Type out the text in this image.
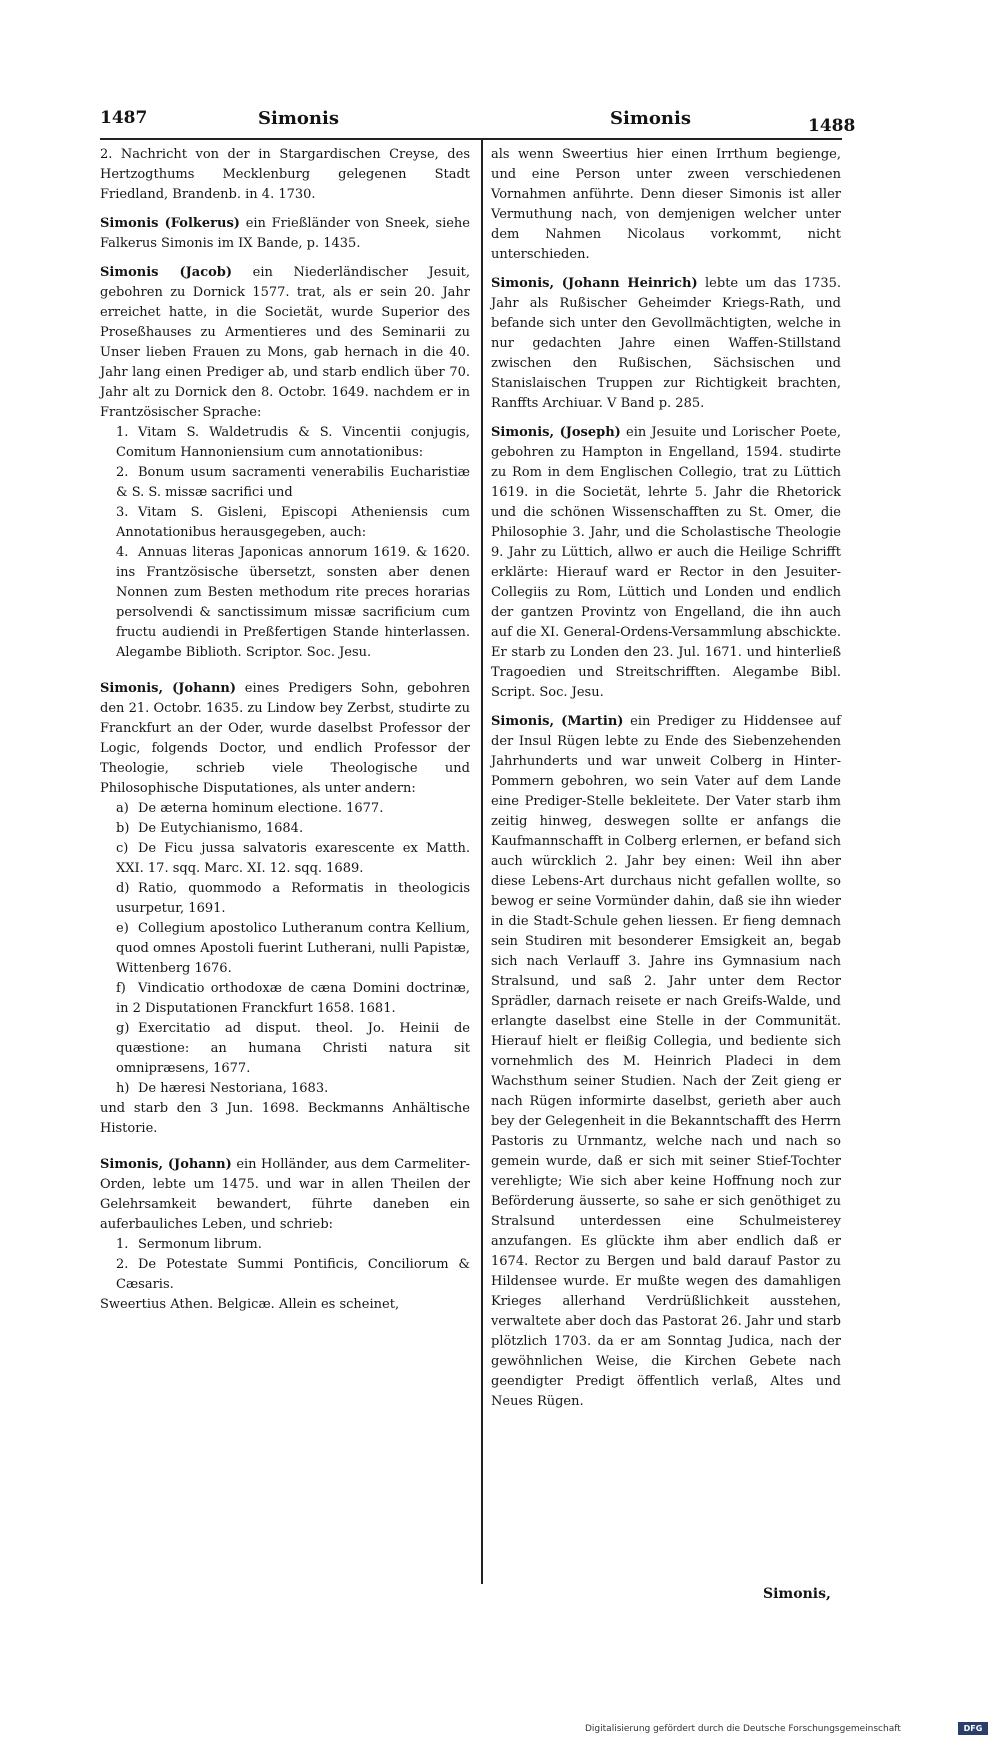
1487	Simonis	Simonis	1488

2. Nachricht von der in Stargardischen Creyse, des Hertzogthums Mecklenburg gelegenen Stadt Friedland, Brandenb. in 4. 1730.

Simonis (Folkerus) ein Frießländer von Sneek, siehe Falkerus Simonis im IX Bande, p. 1435.

Simonis (Jacob) ein Niederländischer Jesuit, gebohren zu Dornick 1577. trat, als er sein 20. Jahr erreichet hatte, in die Societät, wurde Superior des Proseßhauses zu Armentieres und des Seminarii zu Unser lieben Frauen zu Mons, gab hernach in die 40. Jahr lang einen Prediger ab, und starb endlich über 70. Jahr alt zu Dornick den 8. Octobr. 1649. nachdem er in Frantzösischer Sprache:
1. Vitam S. Waldetrudis & S. Vincentii conjugis, Comitum Hannoniensium cum annotationibus:
2. Bonum usum sacramenti venerabilis Eucharistiæ & S. S. missæ sacrifici und
3. Vitam S. Gisleni, Episcopi Atheniensis cum Annotationibus herausgegeben, auch:
4. Annuas literas Japonicas annorum 1619. & 1620. ins Frantzösische übersetzt, sonsten aber denen Nonnen zum Besten methodum rite preces horarias persolvendi & sanctissimum missæ sacrificium cum fructu audiendi in Preßfertigen Stande hinterlassen. Alegambe Biblioth. Scriptor. Soc. Jesu.
Simonis, (Johann) eines Predigers Sohn, gebohren den 21. Octobr. 1635. zu Lindow bey Zerbst, studirte zu Franckfurt an der Oder, wurde daselbst Professor der Logic, folgends Doctor, und endlich Professor der Theologie, schrieb viele Theologische und Philosophische Disputationes, als unter andern:
a) De æterna hominum electione. 1677.
b) De Eutychianismo, 1684.
c) De Ficu jussa salvatoris exarescente ex Matth. XXI. 17. sqq. Marc. XI. 12. sqq. 1689.
d) Ratio, quommodo a Reformatis in theologicis usurpetur, 1691.
e) Collegium apostolico Lutheranum contra Kellium, quod omnes Apostoli fuerint Lutherani, nulli Papistæ, Wittenberg 1676.
f) Vindicatio orthodoxæ de cæna Domini doctrinæ, in 2 Disputationen Franckfurt 1658. 1681.
g) Exercitatio ad disput. theol. Jo. Heinii de quæstione: an humana Christi natura sit omnipræsens, 1677.
h) De hæresi Nestoriana, 1683.
und starb den 3 Jun. 1698. Beckmanns Anhältische Historie.
Simonis, (Johann) ein Holländer, aus dem Carmeliter-Orden, lebte um 1475. und war in allen Theilen der Gelehrsamkeit bewandert, führte daneben ein auferbauliches Leben, und schrieb:
1. Sermonum librum.
2. De Potestate Summi Pontificis, Conciliorum & Cæsaris.
Sweertius Athen. Belgicæ. Allein es scheinet,

als wenn Sweertius hier einen Irrthum begienge, und eine Person unter zween verschiedenen Vornahmen anführte. Denn dieser Simonis ist aller Vermuthung nach, von demjenigen welcher unter dem Nahmen Nicolaus vorkommt, nicht unterschieden.

Simonis, (Johann Heinrich) lebte um das 1735. Jahr als Rußischer Geheimder Kriegs-Rath, und befande sich unter den Gevollmächtigten, welche in nur gedachten Jahre einen Waffen-Stillstand zwischen den Rußischen, Sächsischen und Stanislaischen Truppen zur Richtigkeit brachten, Ranffts Archiuar. V Band p. 285.

Simonis, (Joseph) ein Jesuite und Lorischer Poete, gebohren zu Hampton in Engelland, 1594. studirte zu Rom in dem Englischen Collegio, trat zu Lüttich 1619. in die Societät, lehrte 5. Jahr die Rhetorick und die schönen Wissenschafften zu St. Omer, die Philosophie 3. Jahr, und die Scholastische Theologie 9. Jahr zu Lüttich, allwo er auch die Heilige Schrifft erklärte: Hierauf ward er Rector in den Jesuiter-Collegiis zu Rom, Lüttich und Londen und endlich der gantzen Provintz von Engelland, die ihn auch auf die XI. General-Ordens-Versammlung abschickte. Er starb zu Londen den 23. Jul. 1671. und hinterließ Tragoedien und Streitschrifften. Alegambe Bibl. Script. Soc. Jesu.

Simonis, (Martin) ein Prediger zu Hiddensee auf der Insul Rügen lebte zu Ende des Siebenzehenden Jahrhunderts und war unweit Colberg in Hinter-Pommern gebohren, wo sein Vater auf dem Lande eine Prediger-Stelle bekleitete. Der Vater starb ihm zeitig hinweg, deswegen sollte er anfangs die Kaufmannschafft in Colberg erlernen, er befand sich auch würcklich 2. Jahr bey einen: Weil ihn aber diese Lebens-Art durchaus nicht gefallen wollte, so bewog er seine Vormünder dahin, daß sie ihn wieder in die Stadt-Schule gehen liessen. Er fieng demnach sein Studiren mit besonderer Emsigkeit an, begab sich nach Verlauff 3. Jahre ins Gymnasium nach Stralsund, und saß 2. Jahr unter dem Rector Sprädler, darnach reisete er nach Greifs-Walde, und erlangte daselbst eine Stelle in der Communität. Hierauf hielt er fleißig Collegia, und bediente sich vornehmlich des M. Heinrich Pladeci in dem Wachsthum seiner Studien. Nach der Zeit gieng er nach Rügen informirte daselbst, gerieth aber auch bey der Gelegenheit in die Bekanntschafft des Herrn Pastoris zu Urnmantz, welche nach und nach so gemein wurde, daß er sich mit seiner Stief-Tochter verehligte; Wie sich aber keine Hoffnung noch zur Beförderung äusserte, so sahe er sich genöthiget zu Stralsund unterdessen eine Schulmeisterey anzufangen. Es glückte ihm aber endlich daß er 1674. Rector zu Bergen und bald darauf Pastor zu Hildensee wurde. Er mußte wegen des damahligen Krieges allerhand Verdrüßlichkeit ausstehen, verwaltete aber doch das Pastorat 26. Jahr und starb plötzlich 1703. da er am Sonntag Judica, nach der gewöhnlichen Weise, die Kirchen Gebete nach geendigter Predigt öffentlich verlaß, Altes und Neues Rügen.

Simonis,
Digitalisierung gefördert durch die Deutsche Forschungsgemeinschaft	DFG
